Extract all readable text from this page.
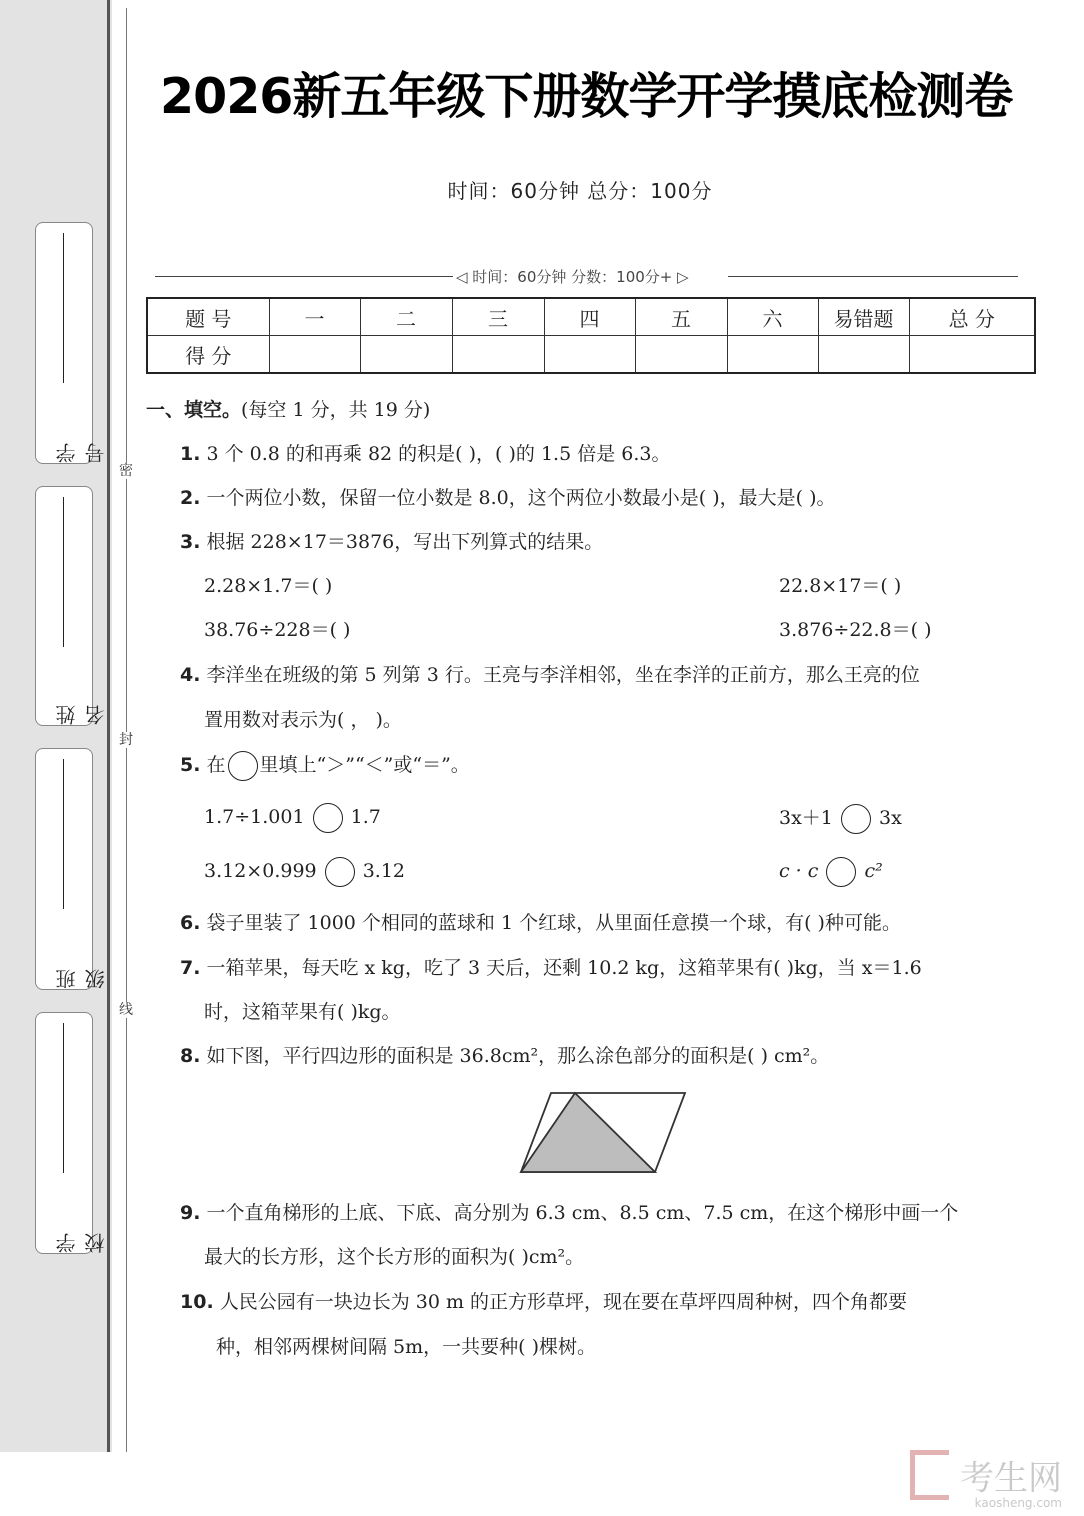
学 号
姓 名
班 级
学 校
密
封
线
2026新五年级下册数学开学摸底检测卷
时间：60分钟 总分：100分
◁ 时间：60分钟 分数：100分+ ▷
题 号	一	二	三	四	五	六	易错题	总 分
得 分								
一、填空。(每空 1 分，共 19 分)
1. 3 个 0.8 的和再乘 82 的积是( )，( )的 1.5 倍是 6.3。
2. 一个两位小数，保留一位小数是 8.0，这个两位小数最小是( )，最大是( )。
3. 根据 228×17＝3876，写出下列算式的结果。
2.28×1.7＝( )	22.8×17＝( )
38.76÷228＝( )	3.876÷22.8＝( )
4. 李洋坐在班级的第 5 列第 3 行。王亮与李洋相邻，坐在李洋的正前方，那么王亮的位
置用数对表示为( ， )。
5. 在 里填上“＞”“＜”或“＝”。
1.7÷1.001 1.7	3x＋1 3x
3.12×0.999 3.12	c · c c²
6. 袋子里装了 1000 个相同的蓝球和 1 个红球，从里面任意摸一个球，有( )种可能。
7. 一箱苹果，每天吃 x kg，吃了 3 天后，还剩 10.2 kg，这箱苹果有( )kg，当 x＝1.6
时，这箱苹果有( )kg。
8. 如下图，平行四边形的面积是 36.8cm²，那么涂色部分的面积是( ) cm²。
9. 一个直角梯形的上底、下底、高分别为 6.3 cm、8.5 cm、7.5 cm，在这个梯形中画一个
最大的长方形，这个长方形的面积为( )cm²。
10. 人民公园有一块边长为 30 m 的正方形草坪，现在要在草坪四周种树，四个角都要
种，相邻两棵树间隔 5m，一共要种( )棵树。
考生网
kaosheng.com
